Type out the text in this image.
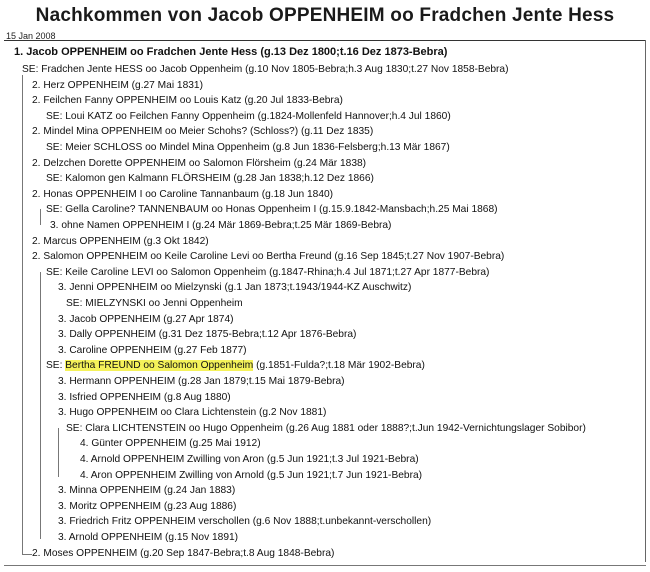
Nachkommen von Jacob OPPENHEIM oo Fradchen Jente Hess
15 Jan 2008
1. Jacob OPPENHEIM oo Fradchen Jente Hess (g.13 Dez 1800;t.16 Dez 1873-Bebra)
SE: Fradchen Jente HESS oo Jacob Oppenheim (g.10 Nov 1805-Bebra;h.3 Aug 1830;t.27 Nov 1858-Bebra)
2. Herz OPPENHEIM (g.27 Mai 1831)
2. Feilchen Fanny OPPENHEIM oo Louis Katz (g.20 Jul 1833-Bebra)
SE: Loui KATZ oo Feilchen Fanny Oppenheim (g.1824-Mollenfeld Hannover;h.4 Jul 1860)
2. Mindel Mina OPPENHEIM oo Meier Schohs? (Schloss?) (g.11 Dez 1835)
SE: Meier SCHLOSS oo Mindel Mina Oppenheim (g.8 Jun 1836-Felsberg;h.13 Mär 1867)
2. Delzchen Dorette OPPENHEIM oo Salomon Flörsheim (g.24 Mär 1838)
SE: Kalomon gen Kalmann FLÖRSHEIM (g.28 Jan 1838;h.12 Dez 1866)
2. Honas OPPENHEIM I oo Caroline Tannanbaum (g.18 Jun 1840)
SE: Gella Caroline? TANNENBAUM oo Honas Oppenheim I (g.15.9.1842-Mansbach;h.25 Mai 1868)
3. ohne Namen OPPENHEIM I (g.24 Mär 1869-Bebra;t.25 Mär 1869-Bebra)
2. Marcus OPPENHEIM (g.3 Okt 1842)
2. Salomon OPPENHEIM oo Keile Caroline Levi oo Bertha Freund (g.16 Sep 1845;t.27 Nov 1907-Bebra)
SE: Keile Caroline LEVI oo Salomon Oppenheim (g.1847-Rhina;h.4 Jul 1871;t.27 Apr 1877-Bebra)
3. Jenni OPPENHEIM oo Mielzynski (g.1 Jan 1873;t.1943/1944-KZ Auschwitz)
SE: MIELZYNSKI oo Jenni Oppenheim
3. Jacob OPPENHEIM (g.27 Apr 1874)
3. Dally OPPENHEIM (g.31 Dez 1875-Bebra;t.12 Apr 1876-Bebra)
3. Caroline OPPENHEIM (g.27 Feb 1877)
SE: Bertha FREUND oo Salomon Oppenheim (g.1851-Fulda?;t.18 Mär 1902-Bebra)
3. Hermann OPPENHEIM (g.28 Jan 1879;t.15 Mai 1879-Bebra)
3. Isfried OPPENHEIM (g.8 Aug 1880)
3. Hugo OPPENHEIM oo Clara Lichtenstein (g.2 Nov 1881)
SE: Clara LICHTENSTEIN oo Hugo Oppenheim (g.26 Aug 1881 oder 1888?;t.Jun 1942-Vernichtungslager Sobibor)
4. Günter OPPENHEIM (g.25 Mai 1912)
4. Arnold OPPENHEIM Zwilling von Aron (g.5 Jun 1921;t.3 Jul 1921-Bebra)
4. Aron OPPENHEIM Zwilling von Arnold (g.5 Jun 1921;t.7 Jun 1921-Bebra)
3. Minna OPPENHEIM (g.24 Jan 1883)
3. Moritz OPPENHEIM (g.23 Aug 1886)
3. Friedrich Fritz OPPENHEIM verschollen (g.6 Nov 1888;t.unbekannt-verschollen)
3. Arnold OPPENHEIM (g.15 Nov 1891)
2. Moses OPPENHEIM (g.20 Sep 1847-Bebra;t.8 Aug 1848-Bebra)
